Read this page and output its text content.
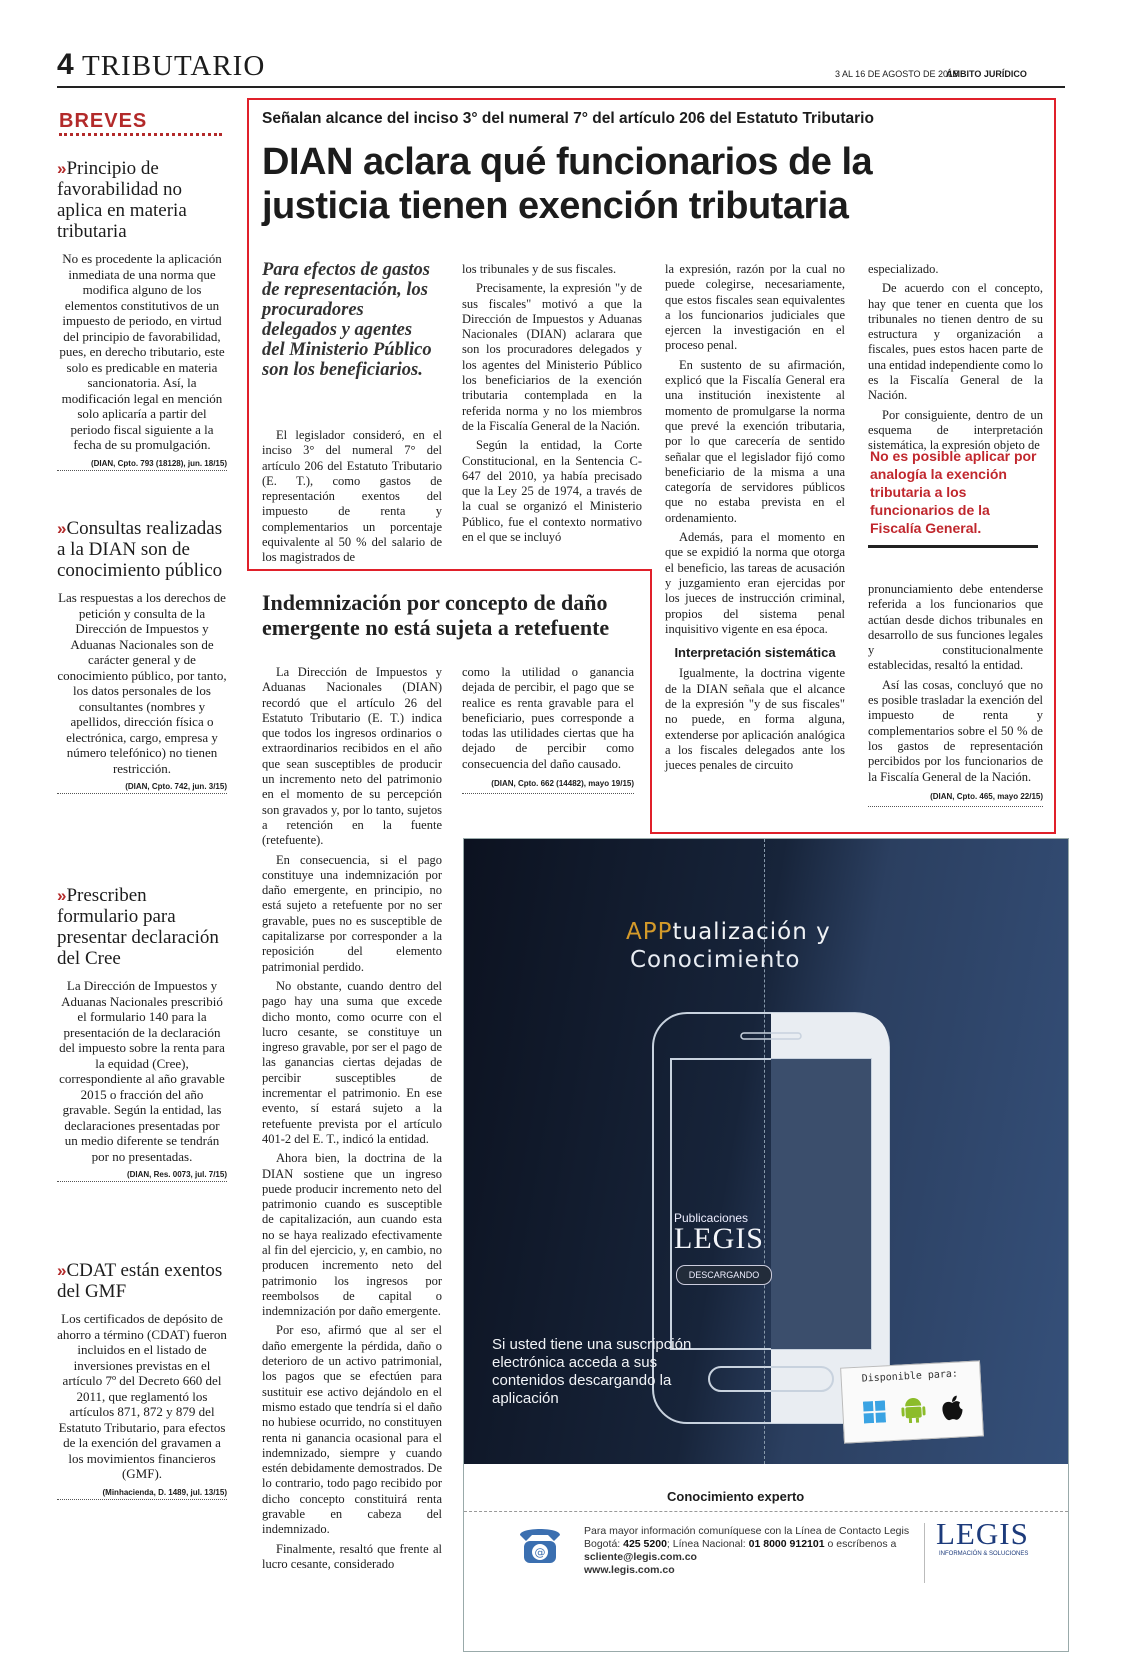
4 TRIBUTARIO	3 AL 16 DE AGOSTO DE 2015
ÁMBITO JURÍDICO
BREVES
» Principio de favorabilidad no aplica en materia tributaria

No es procedente la aplicación inmediata de una norma que modifica alguno de los elementos constitutivos de un impuesto de periodo, en virtud del principio de favorabilidad, pues, en derecho tributario, este solo es predicable en materia sancionatoria. Así, la modificación legal en mención solo aplicaría a partir del periodo fiscal siguiente a la fecha de su promulgación.

(DIAN, Cpto. 793 (18128), jun. 18/15)
» Consultas realizadas a la DIAN son de conocimiento público

Las respuestas a los derechos de petición y consulta de la Dirección de Impuestos y Aduanas Nacionales son de carácter general y de conocimiento público, por tanto, los datos personales de los consultantes (nombres y apellidos, dirección física o electrónica, cargo, empresa y número telefónico) no tienen restricción.

(DIAN, Cpto. 742, jun. 3/15)
» Prescriben formulario para presentar declaración del Cree

La Dirección de Impuestos y Aduanas Nacionales prescribió el formulario 140 para la presentación de la declaración del impuesto sobre la renta para la equidad (Cree), correspondiente al año gravable 2015 o fracción del año gravable. Según la entidad, las declaraciones presentadas por un medio diferente se tendrán por no presentadas.

(DIAN, Res. 0073, jul. 7/15)
» CDAT están exentos del GMF

Los certificados de depósito de ahorro a término (CDAT) fueron incluidos en el listado de inversiones previstas en el artículo 7º del Decreto 660 del 2011, que reglamentó los artículos 871, 872 y 879 del Estatuto Tributario, para efectos de la exención del gravamen a los movimientos financieros (GMF).

(Minhacienda, D. 1489, jul. 13/15)
Señalan alcance del inciso 3° del numeral 7° del artículo 206 del Estatuto Tributario
DIAN aclara qué funcionarios de la justicia tienen exención tributaria
Para efectos de gastos de representación, los procuradores delegados y agentes del Ministerio Público son los beneficiarios.

El legislador consideró, en el inciso 3° del numeral 7° del artículo 206 del Estatuto Tributario (E. T.), como gastos de representación exentos del impuesto de renta y complementarios un porcentaje equivalente al 50 % del salario de los magistrados de

los tribunales y de sus fiscales.

Precisamente, la expresión "y de sus fiscales" motivó a que la Dirección de Impuestos y Aduanas Nacionales (DIAN) aclarara que son los procuradores delegados y los agentes del Ministerio Público los beneficiarios de la exención tributaria contemplada en la referida norma y no los miembros de la Fiscalía General de la Nación.

Según la entidad, la Corte Constitucional, en la Sentencia C-647 del 2010, ya había precisado que la Ley 25 de 1974, a través de la cual se organizó el Ministerio Público, fue el contexto normativo en el que se incluyó

la expresión, razón por la cual no puede colegirse, necesariamente, que estos fiscales sean equivalentes a los funcionarios judiciales que ejercen la investigación en el proceso penal.

En sustento de su afirmación, explicó que la Fiscalía General era una institución inexistente al momento de promulgarse la norma que prevé la exención tributaria, por lo que carecería de sentido señalar que el legislador fijó como beneficiario de la misma a una categoría de servidores públicos que no estaba prevista en el ordenamiento.

Además, para el momento en que se expidió la norma que otorga el beneficio, las tareas de acusación y juzgamiento eran ejercidas por los jueces de instrucción criminal, propios del sistema penal inquisitivo vigente en esa época.

Interpretación sistemática

Igualmente, la doctrina vigente de la DIAN señala que el alcance de la expresión "y de sus fiscales" no puede, en forma alguna, extenderse por aplicación analógica a los fiscales delegados ante los jueces penales de circuito

especializado.

De acuerdo con el concepto, hay que tener en cuenta que los tribunales no tienen dentro de su estructura y organización a fiscales, pues estos hacen parte de una entidad independiente como lo es la Fiscalía General de la Nación.

Por consiguiente, dentro de un esquema de interpretación sistemática, la expresión objeto de

No es posible aplicar por analogía la exención tributaria a los funcionarios de la Fiscalía General.

pronunciamiento debe entenderse referida a los funcionarios que actúan desde dichos tribunales en desarrollo de sus funciones legales y constitucionalmente establecidas, resaltó la entidad.

Así las cosas, concluyó que no es posible trasladar la exención del impuesto de renta y complementarios sobre el 50 % de los gastos de representación percibidos por los funcionarios de la Fiscalía General de la Nación.

(DIAN, Cpto. 465, mayo 22/15)
Indemnización por concepto de daño emergente no está sujeta a retefuente

La Dirección de Impuestos y Aduanas Nacionales (DIAN) recordó que el artículo 26 del Estatuto Tributario (E. T.) indica que todos los ingresos ordinarios o extraordinarios recibidos en el año que sean susceptibles de producir un incremento neto del patrimonio en el momento de su percepción son gravados y, por lo tanto, sujetos a retención en la fuente (retefuente).

En consecuencia, si el pago constituye una indemnización por daño emergente, en principio, no está sujeto a retefuente por no ser gravable, pues no es susceptible de capitalizarse por corresponder a la reposición del elemento patrimonial perdido.

No obstante, cuando dentro del pago hay una suma que excede dicho monto, como ocurre con el lucro cesante, se constituye un ingreso gravable, por ser el pago de las ganancias ciertas dejadas de percibir susceptibles de incrementar el patrimonio. En ese evento, sí estará sujeto a la retefuente prevista por el artículo 401-2 del E. T., indicó la entidad.

Ahora bien, la doctrina de la DIAN sostiene que un ingreso puede producir incremento neto del patrimonio cuando es susceptible de capitalización, aun cuando esta no se haya realizado efectivamente al fin del ejercicio, y, en cambio, no producen incremento neto del patrimonio los ingresos por reembolsos de capital o indemnización por daño emergente.

Por eso, afirmó que al ser el daño emergente la pérdida, daño o deterioro de un activo patrimonial, los pagos que se efectúen para sustituir ese activo dejándolo en el mismo estado que tendría si el daño no hubiese ocurrido, no constituyen renta ni ganancia ocasional para el indemnizado, siempre y cuando estén debidamente demostrados. De lo contrario, todo pago recibido por dicho concepto constituirá renta gravable en cabeza del indemnizado.

Finalmente, resaltó que frente al lucro cesante, considerado

como la utilidad o ganancia dejada de percibir, el pago que se realice es renta gravable para el beneficiario, pues corresponde a todas las utilidades ciertas que ha dejado de percibir como consecuencia del daño causado.

(DIAN, Cpto. 662 (14482), mayo 19/15)
APPtualización y
Conocimiento
Publicaciones
LEGIS
DESCARGANDO
Si usted tiene una suscripción electrónica acceda a sus contenidos descargando la aplicación
Disponible para:
Conocimiento experto
@
Para mayor información comuníquese con la Línea de Contacto Legis
Bogotá: 425 5200; Línea Nacional: 01 8000 912101 o escríbenos a
scliente@legis.com.co
www.legis.com.co
LEGIS
INFORMACIÓN & SOLUCIONES
